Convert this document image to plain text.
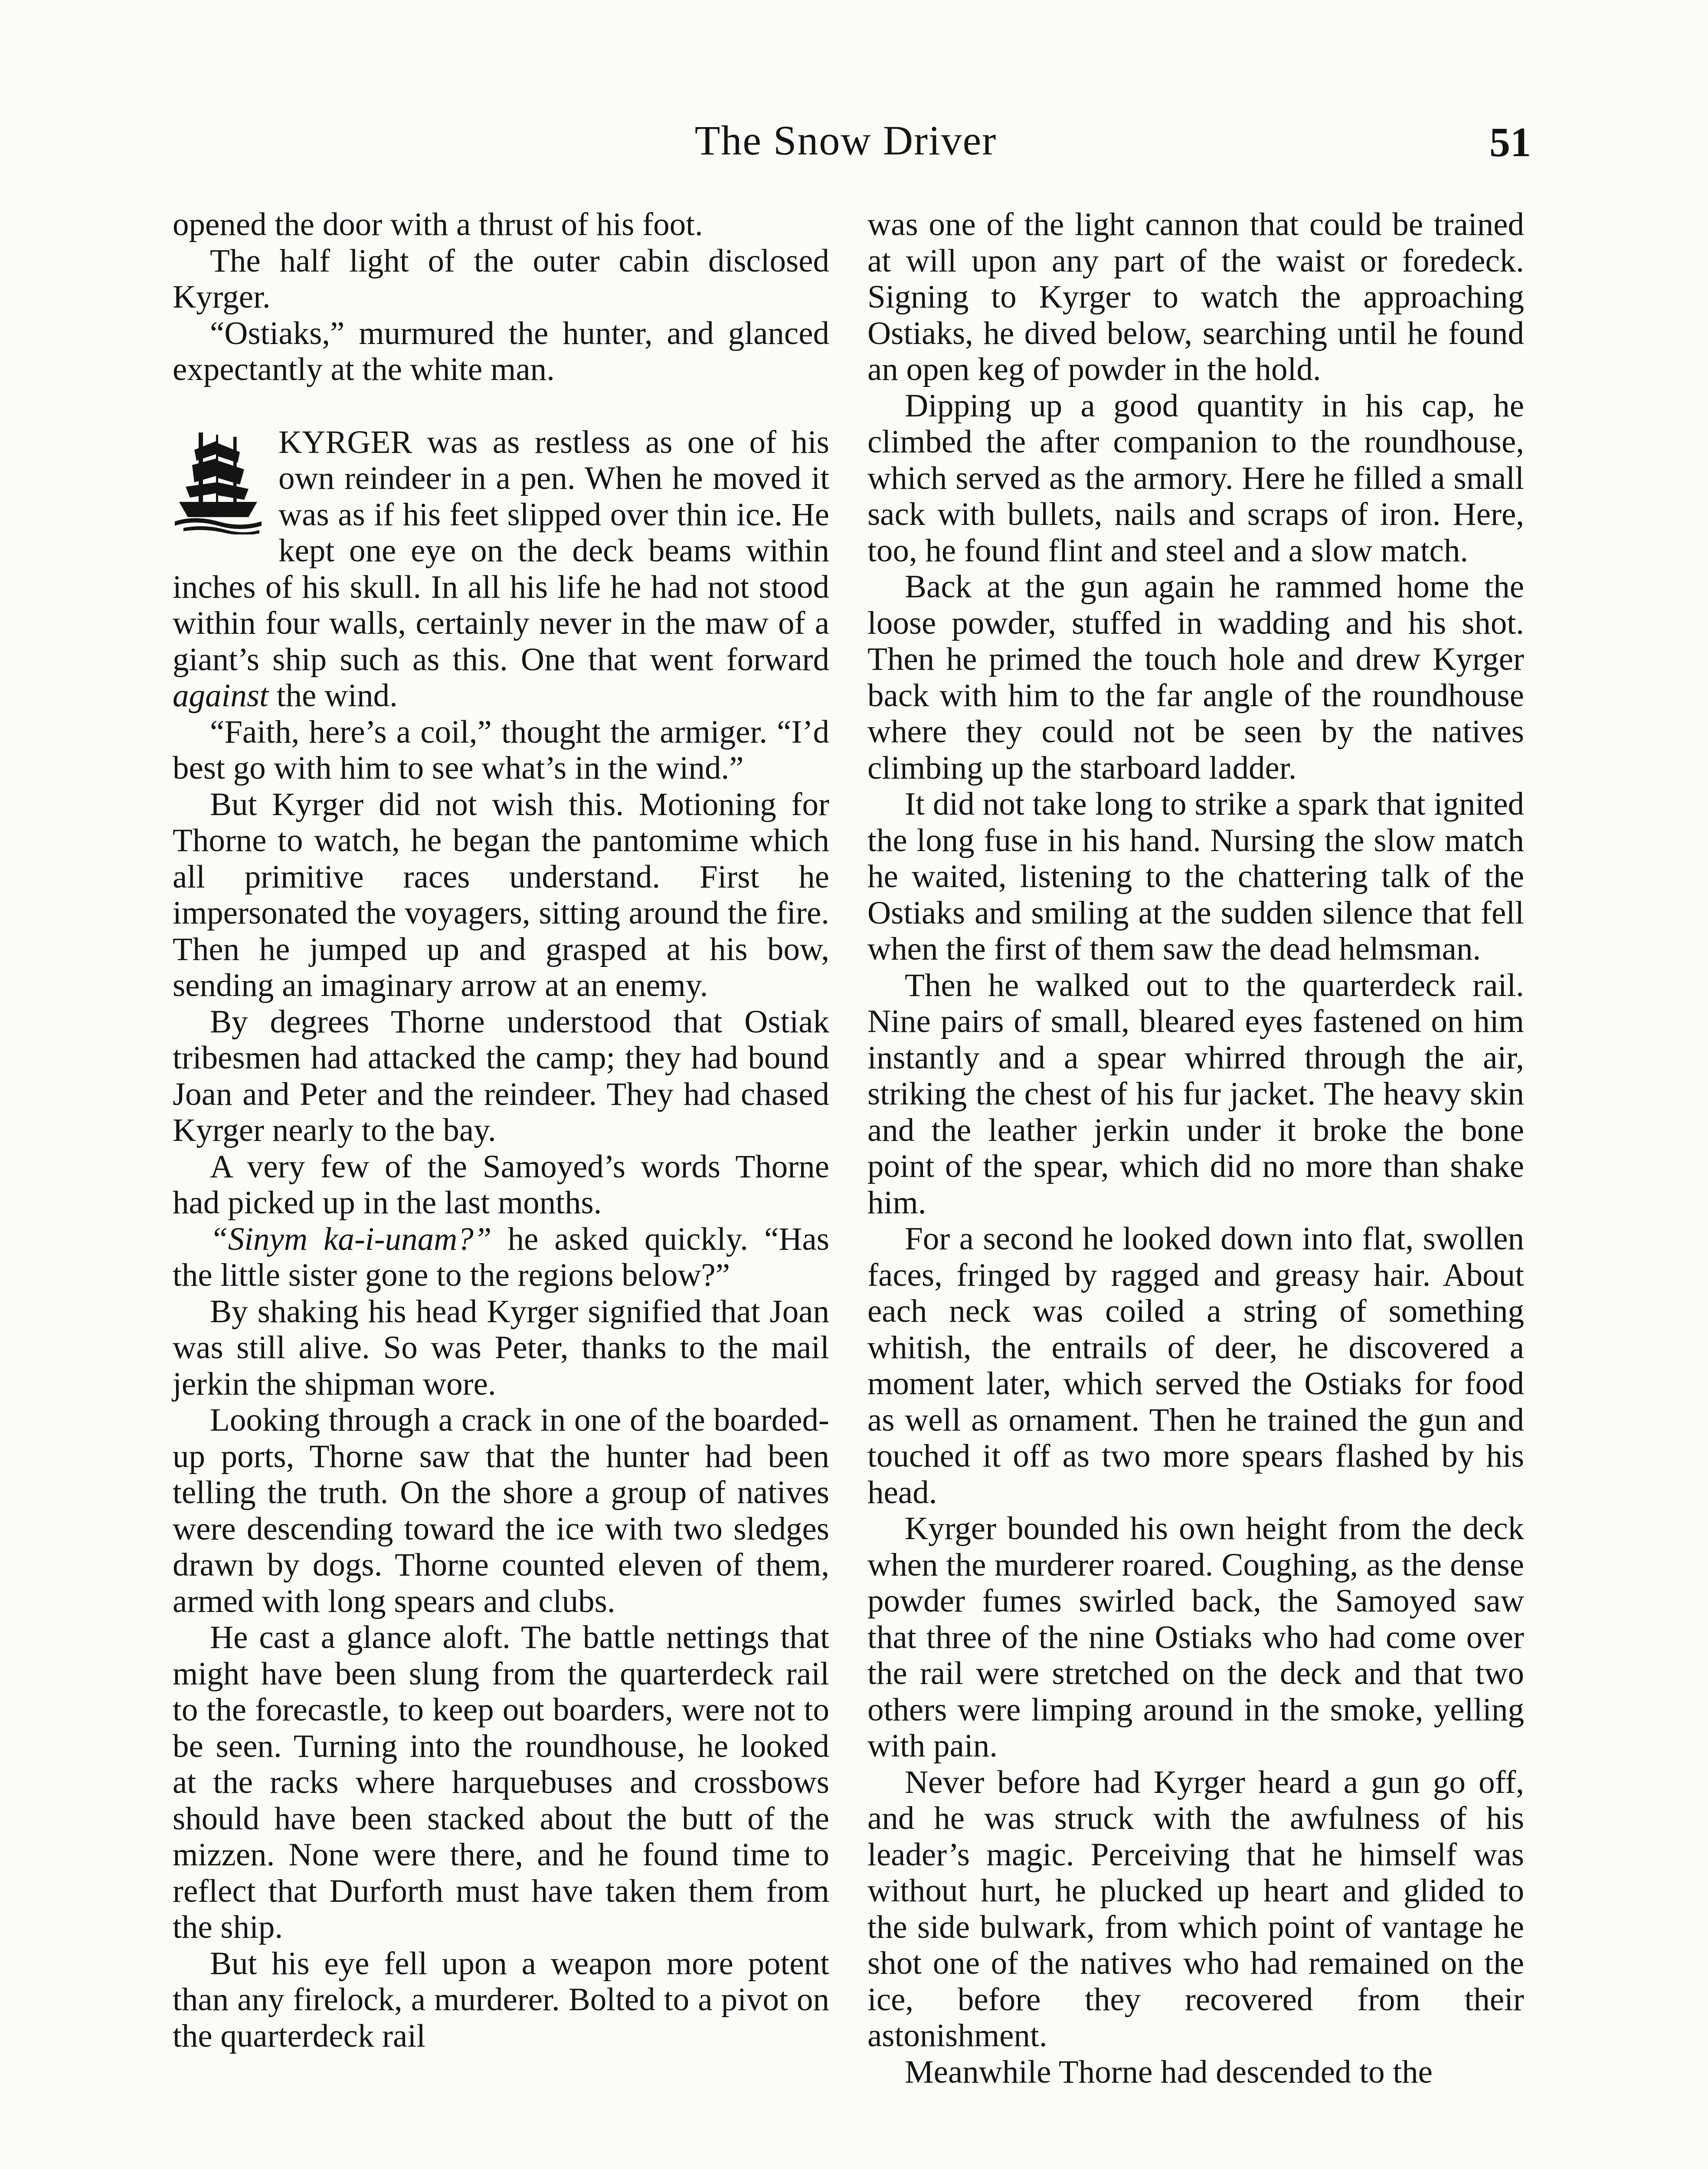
The Snow Driver	51

opened the door with a thrust of his foot.

The half light of the outer cabin disclosed Kyrger.

“Ostiaks,” murmured the hunter, and glanced expectantly at the white man.

KYRGER was as restless as one of his own reindeer in a pen. When he moved it was as if his feet slipped over thin ice. He kept one eye on the deck beams within inches of his skull. In all his life he had not stood within four walls, certainly never in the maw of a giant’s ship such as this. One that went forward against the wind.

“Faith, here’s a coil,” thought the armiger. “I’d best go with him to see what’s in the wind.”

But Kyrger did not wish this. Motioning for Thorne to watch, he began the pantomime which all primitive races understand. First he impersonated the voyagers, sitting around the fire. Then he jumped up and grasped at his bow, sending an imaginary arrow at an enemy.

By degrees Thorne understood that Ostiak tribesmen had attacked the camp; they had bound Joan and Peter and the reindeer. They had chased Kyrger nearly to the bay.

A very few of the Samoyed’s words Thorne had picked up in the last months.

“Sinym ka-i-unam?” he asked quickly. “Has the little sister gone to the regions below?”

By shaking his head Kyrger signified that Joan was still alive. So was Peter, thanks to the mail jerkin the shipman wore.

Looking through a crack in one of the boarded-up ports, Thorne saw that the hunter had been telling the truth. On the shore a group of natives were descending toward the ice with two sledges drawn by dogs. Thorne counted eleven of them, armed with long spears and clubs.

He cast a glance aloft. The battle nettings that might have been slung from the quarterdeck rail to the forecastle, to keep out boarders, were not to be seen. Turning into the roundhouse, he looked at the racks where harquebuses and crossbows should have been stacked about the butt of the mizzen. None were there, and he found time to reflect that Durforth must have taken them from the ship.

But his eye fell upon a weapon more potent than any firelock, a murderer. Bolted to a pivot on the quarterdeck rail

was one of the light cannon that could be trained at will upon any part of the waist or foredeck. Signing to Kyrger to watch the approaching Ostiaks, he dived below, searching until he found an open keg of powder in the hold.

Dipping up a good quantity in his cap, he climbed the after companion to the roundhouse, which served as the armory. Here he filled a small sack with bullets, nails and scraps of iron. Here, too, he found flint and steel and a slow match.

Back at the gun again he rammed home the loose powder, stuffed in wadding and his shot. Then he primed the touch hole and drew Kyrger back with him to the far angle of the roundhouse where they could not be seen by the natives climbing up the starboard ladder.

It did not take long to strike a spark that ignited the long fuse in his hand. Nursing the slow match he waited, listening to the chattering talk of the Ostiaks and smiling at the sudden silence that fell when the first of them saw the dead helmsman.

Then he walked out to the quarterdeck rail. Nine pairs of small, bleared eyes fastened on him instantly and a spear whirred through the air, striking the chest of his fur jacket. The heavy skin and the leather jerkin under it broke the bone point of the spear, which did no more than shake him.

For a second he looked down into flat, swollen faces, fringed by ragged and greasy hair. About each neck was coiled a string of something whitish, the entrails of deer, he discovered a moment later, which served the Ostiaks for food as well as ornament. Then he trained the gun and touched it off as two more spears flashed by his head.

Kyrger bounded his own height from the deck when the murderer roared. Coughing, as the dense powder fumes swirled back, the Samoyed saw that three of the nine Ostiaks who had come over the rail were stretched on the deck and that two others were limping around in the smoke, yelling with pain.

Never before had Kyrger heard a gun go off, and he was struck with the awfulness of his leader’s magic. Perceiving that he himself was without hurt, he plucked up heart and glided to the side bulwark, from which point of vantage he shot one of the natives who had remained on the ice, before they recovered from their astonishment.

Meanwhile Thorne had descended to the
